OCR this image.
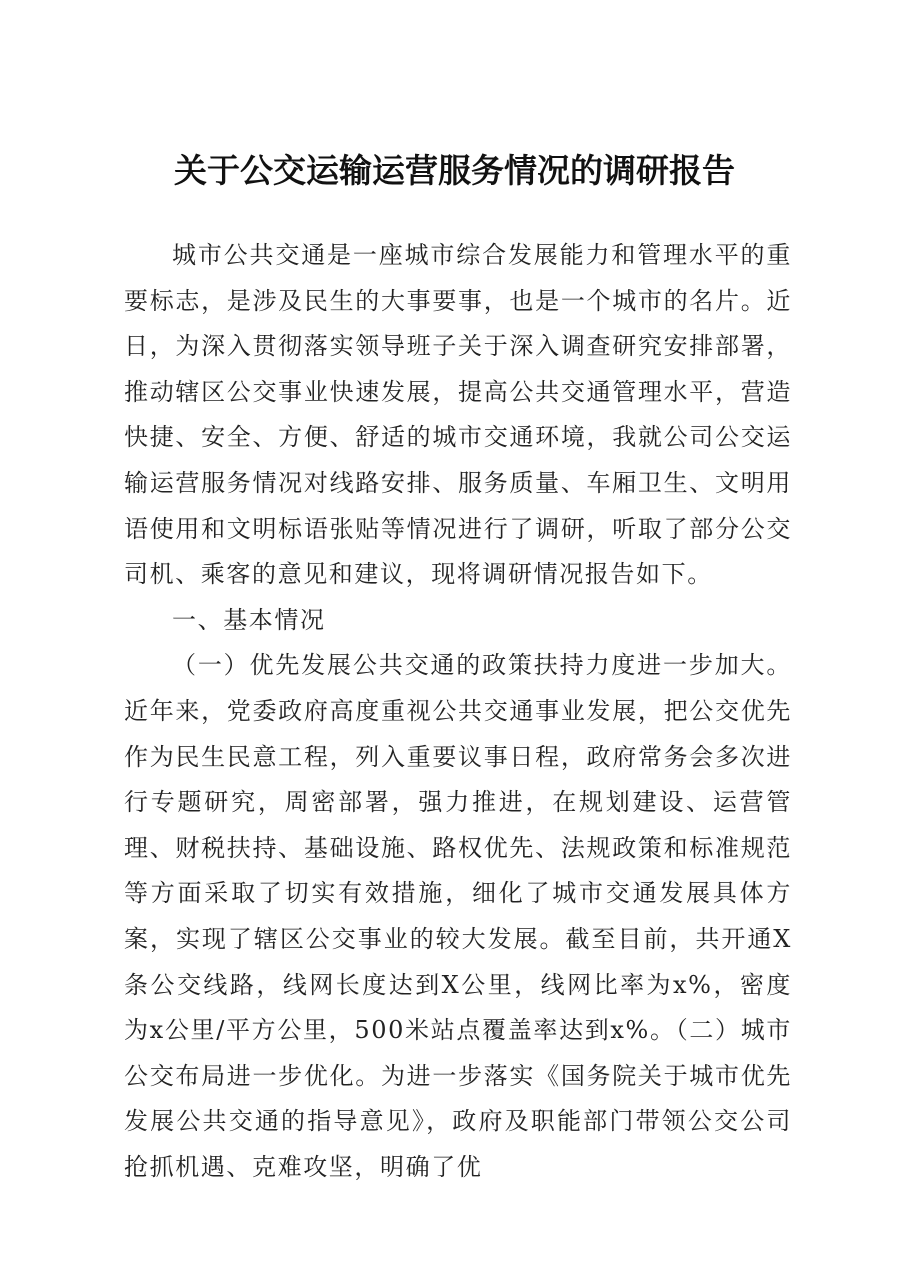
关于公交运输运营服务情况的调研报告

城市公共交通是一座城市综合发展能力和管理水平的重要标志，是涉及民生的大事要事，也是一个城市的名片。近日，为深入贯彻落实领导班子关于深入调查研究安排部署，推动辖区公交事业快速发展，提高公共交通管理水平，营造快捷、安全、方便、舒适的城市交通环境，我就公司公交运输运营服务情况对线路安排、服务质量、车厢卫生、文明用语使用和文明标语张贴等情况进行了调研，听取了部分公交司机、乘客的意见和建议，现将调研情况报告如下。

一、基本情况

（一）优先发展公共交通的政策扶持力度进一步加大。近年来，党委政府高度重视公共交通事业发展，把公交优先作为民生民意工程，列入重要议事日程，政府常务会多次进行专题研究，周密部署，强力推进，在规划建设、运营管理、财税扶持、基础设施、路权优先、法规政策和标准规范等方面采取了切实有效措施，细化了城市交通发展具体方案，实现了辖区公交事业的较大发展。截至目前，共开通X条公交线路，线网长度达到X公里，线网比率为x%，密度为x公里/平方公里，500米站点覆盖率达到x%。（二）城市公交布局进一步优化。为进一步落实《国务院关于城市优先发展公共交通的指导意见》，政府及职能部门带领公交公司抢抓机遇、克难攻坚，明确了优
